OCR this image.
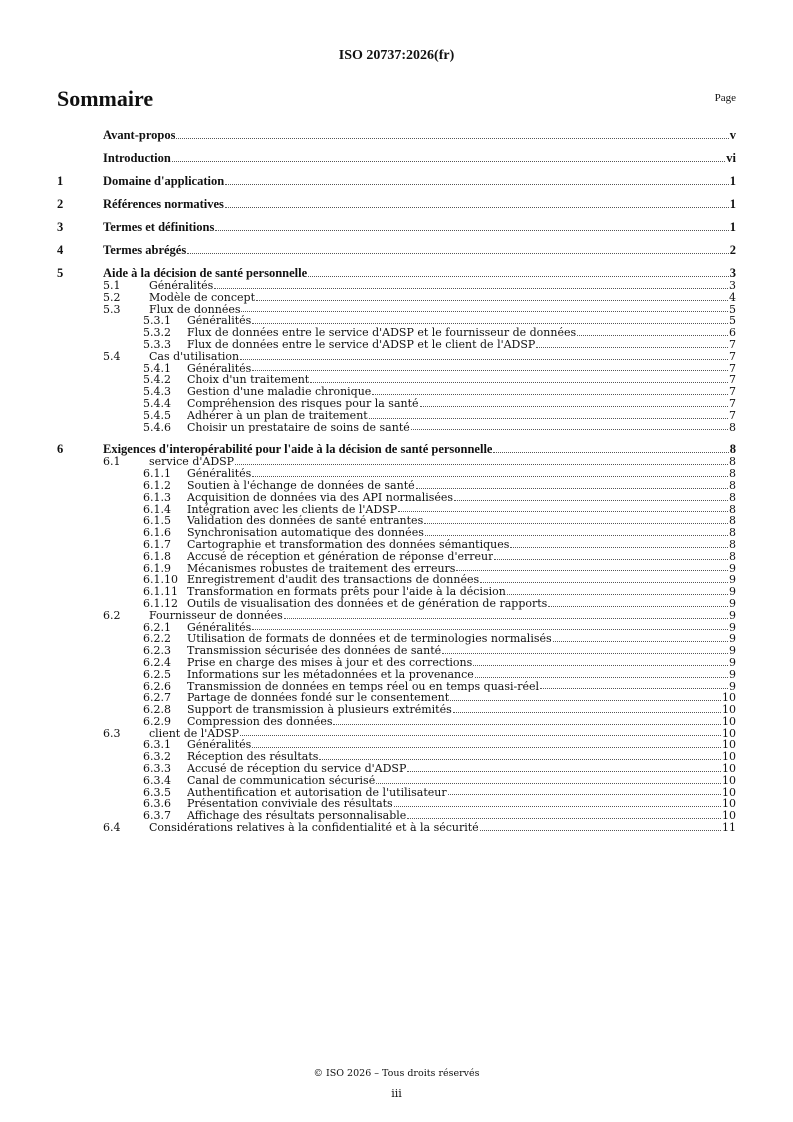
ISO 20737:2026(fr)
Sommaire	Page
Avant-propos	v
Introduction	vi
1	Domaine d'application	1
2	Références normatives	1
3	Termes et définitions	1
4	Termes abrégés	2
5	Aide à la décision de santé personnelle	3
5.1	Généralités	3
5.2	Modèle de concept	4
5.3	Flux de données	5
5.3.1	Généralités	5
5.3.2	Flux de données entre le service d'ADSP et le fournisseur de données	6
5.3.3	Flux de données entre le service d'ADSP et le client de l'ADSP	7
5.4	Cas d'utilisation	7
5.4.1	Généralités	7
5.4.2	Choix d'un traitement	7
5.4.3	Gestion d'une maladie chronique	7
5.4.4	Compréhension des risques pour la santé	7
5.4.5	Adhérer à un plan de traitement	7
5.4.6	Choisir un prestataire de soins de santé	8
6	Exigences d'interopérabilité pour l'aide à la décision de santé personnelle	8
6.1	service d'ADSP	8
6.1.1	Généralités	8
6.1.2	Soutien à l'échange de données de santé	8
6.1.3	Acquisition de données via des API normalisées	8
6.1.4	Intégration avec les clients de l'ADSP	8
6.1.5	Validation des données de santé entrantes	8
6.1.6	Synchronisation automatique des données	8
6.1.7	Cartographie et transformation des données sémantiques	8
6.1.8	Accusé de réception et génération de réponse d'erreur	8
6.1.9	Mécanismes robustes de traitement des erreurs	9
6.1.10 Enregistrement d'audit des transactions de données	9
6.1.11 Transformation en formats prêts pour l'aide à la décision	9
6.1.12 Outils de visualisation des données et de génération de rapports	9
6.2	Fournisseur de données	9
6.2.1	Généralités	9
6.2.2	Utilisation de formats de données et de terminologies normalisés	9
6.2.3	Transmission sécurisée des données de santé	9
6.2.4	Prise en charge des mises à jour et des corrections	9
6.2.5	Informations sur les métadonnées et la provenance	9
6.2.6	Transmission de données en temps réel ou en temps quasi-réel	9
6.2.7	Partage de données fondé sur le consentement	10
6.2.8	Support de transmission à plusieurs extrémités	10
6.2.9	Compression des données	10
6.3	client de l'ADSP	10
6.3.1	Généralités	10
6.3.2	Réception des résultats	10
6.3.3	Accusé de réception du service d'ADSP	10
6.3.4	Canal de communication sécurisé	10
6.3.5	Authentification et autorisation de l'utilisateur	10
6.3.6	Présentation conviviale des résultats	10
6.3.7	Affichage des résultats personnalisable	10
6.4	Considérations relatives à la confidentialité et à la sécurité	11
© ISO 2026 – Tous droits réservés
iii
